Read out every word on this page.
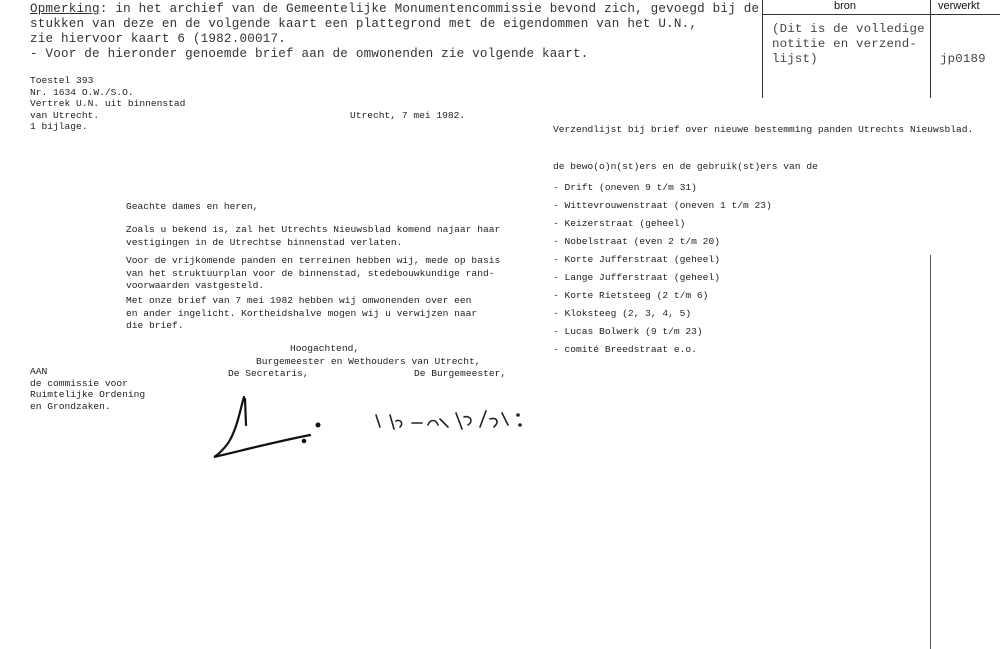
Opmerking: in het archief van de Gemeentelijke Monumentencommissie bevond zich, gevoegd bij de
stukken van deze en de volgende kaart een plattegrond met de eigendommen van het U.N.,
zie hiervoor kaart 6 (1982.00017.
- Voor de hieronder genoemde brief aan de omwonenden zie volgende kaart.
bron	verwerkt
(Dit is de volledige
notitie en verzend-
lijst)	jp0189
Toestel 393
Nr. 1634 O.W./S.O.
Vertrek U.N. uit binnenstad
van Utrecht.
1 bijlage.
Utrecht, 7 mei 1982.
Geachte dames en heren,
Zoals u bekend is, zal het Utrechts Nieuwsblad komend najaar haar
vestigingen in de Utrechtse binnenstad verlaten.
Voor de vrijkomende panden en terreinen hebben wij, mede op basis
van het struktuurplan voor de binnenstad, stedebouwkundige rand-
voorwaarden vastgesteld.
Met onze brief van 7 mei 1982 hebben wij omwonenden over een
en ander ingelicht. Kortheidshalve mogen wij u verwijzen naar
die brief.
Hoogachtend,
Burgemeester en Wethouders van Utrecht,
De Secretaris,	De Burgemeester,
AAN
de commissie voor
Ruimtelijke Ordening
en Grondzaken.
Verzendlijst bij brief over nieuwe bestemming panden Utrechts Nieuwsblad.
de bewo(o)n(st)ers en de gebruik(st)ers van de
- Drift (oneven 9 t/m 31)
- Wittevrouwenstraat (oneven 1 t/m 23)
- Keizerstraat (geheel)
- Nobelstraat (even 2 t/m 20)
- Korte Jufferstraat (geheel)
- Lange Jufferstraat (geheel)
- Korte Rietsteeg (2 t/m 6)
- Kloksteeg (2, 3, 4, 5)
- Lucas Bolwerk (9 t/m 23)
- comité Breedstraat e.o.
